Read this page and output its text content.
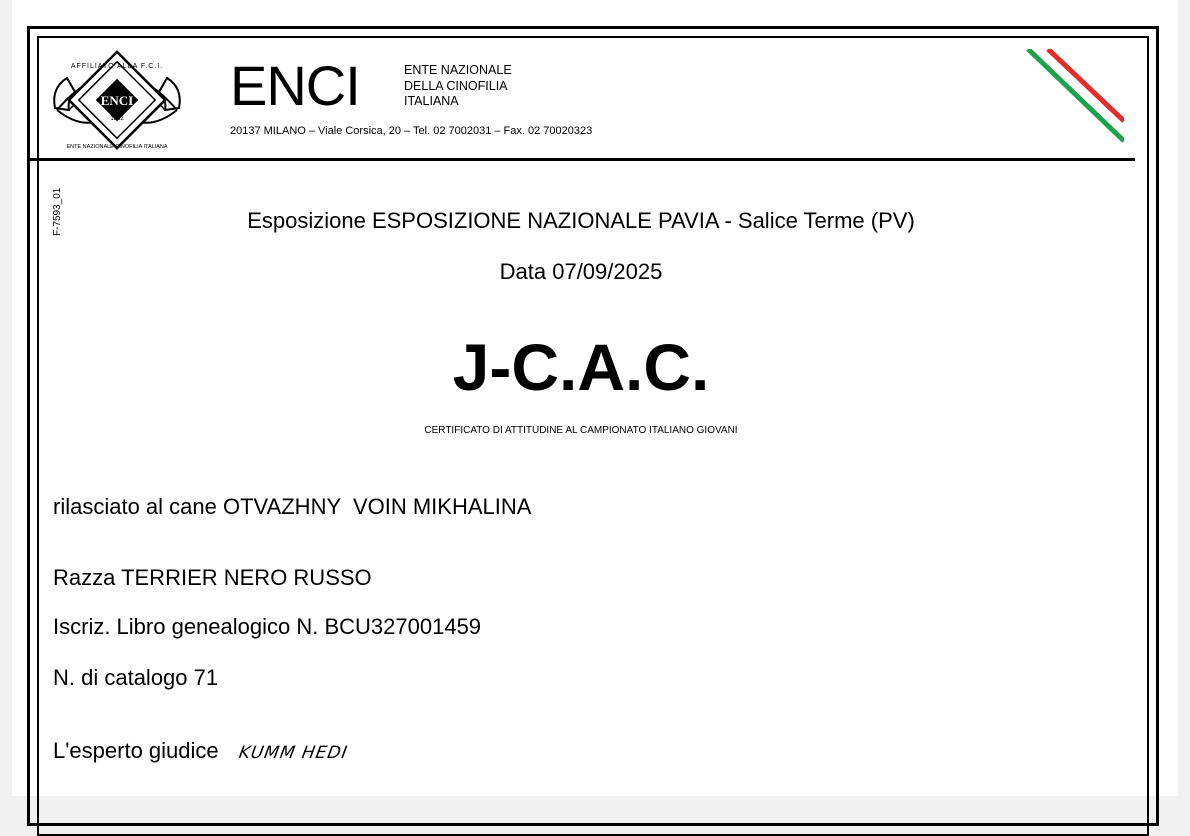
ENCI
1882
AFFILIATO ALLA F.C.I.
ENTE NAZIONALE CINOFILIA ITALIANA
ENCI	ENTE NAZIONALE
DELLA CINOFILIA
ITALIANA
20137 MILANO – Viale Corsica, 20 – Tel. 02 7002031 – Fax. 02 70020323
F-7593_01	Esposizione ESPOSIZIONE NAZIONALE PAVIA - Salice Terme (PV)
Data 07/09/2025
J-C.A.C.
CERTIFICATO DI ATTITUDINE AL CAMPIONATO ITALIANO GIOVANI
rilasciato al cane OTVAZHNY  VOIN MIKHALINA
Razza TERRIER NERO RUSSO
Iscriz. Libro genealogico N. BCU327001459
N. di catalogo 71
L'esperto giudice KUMM HEDI
